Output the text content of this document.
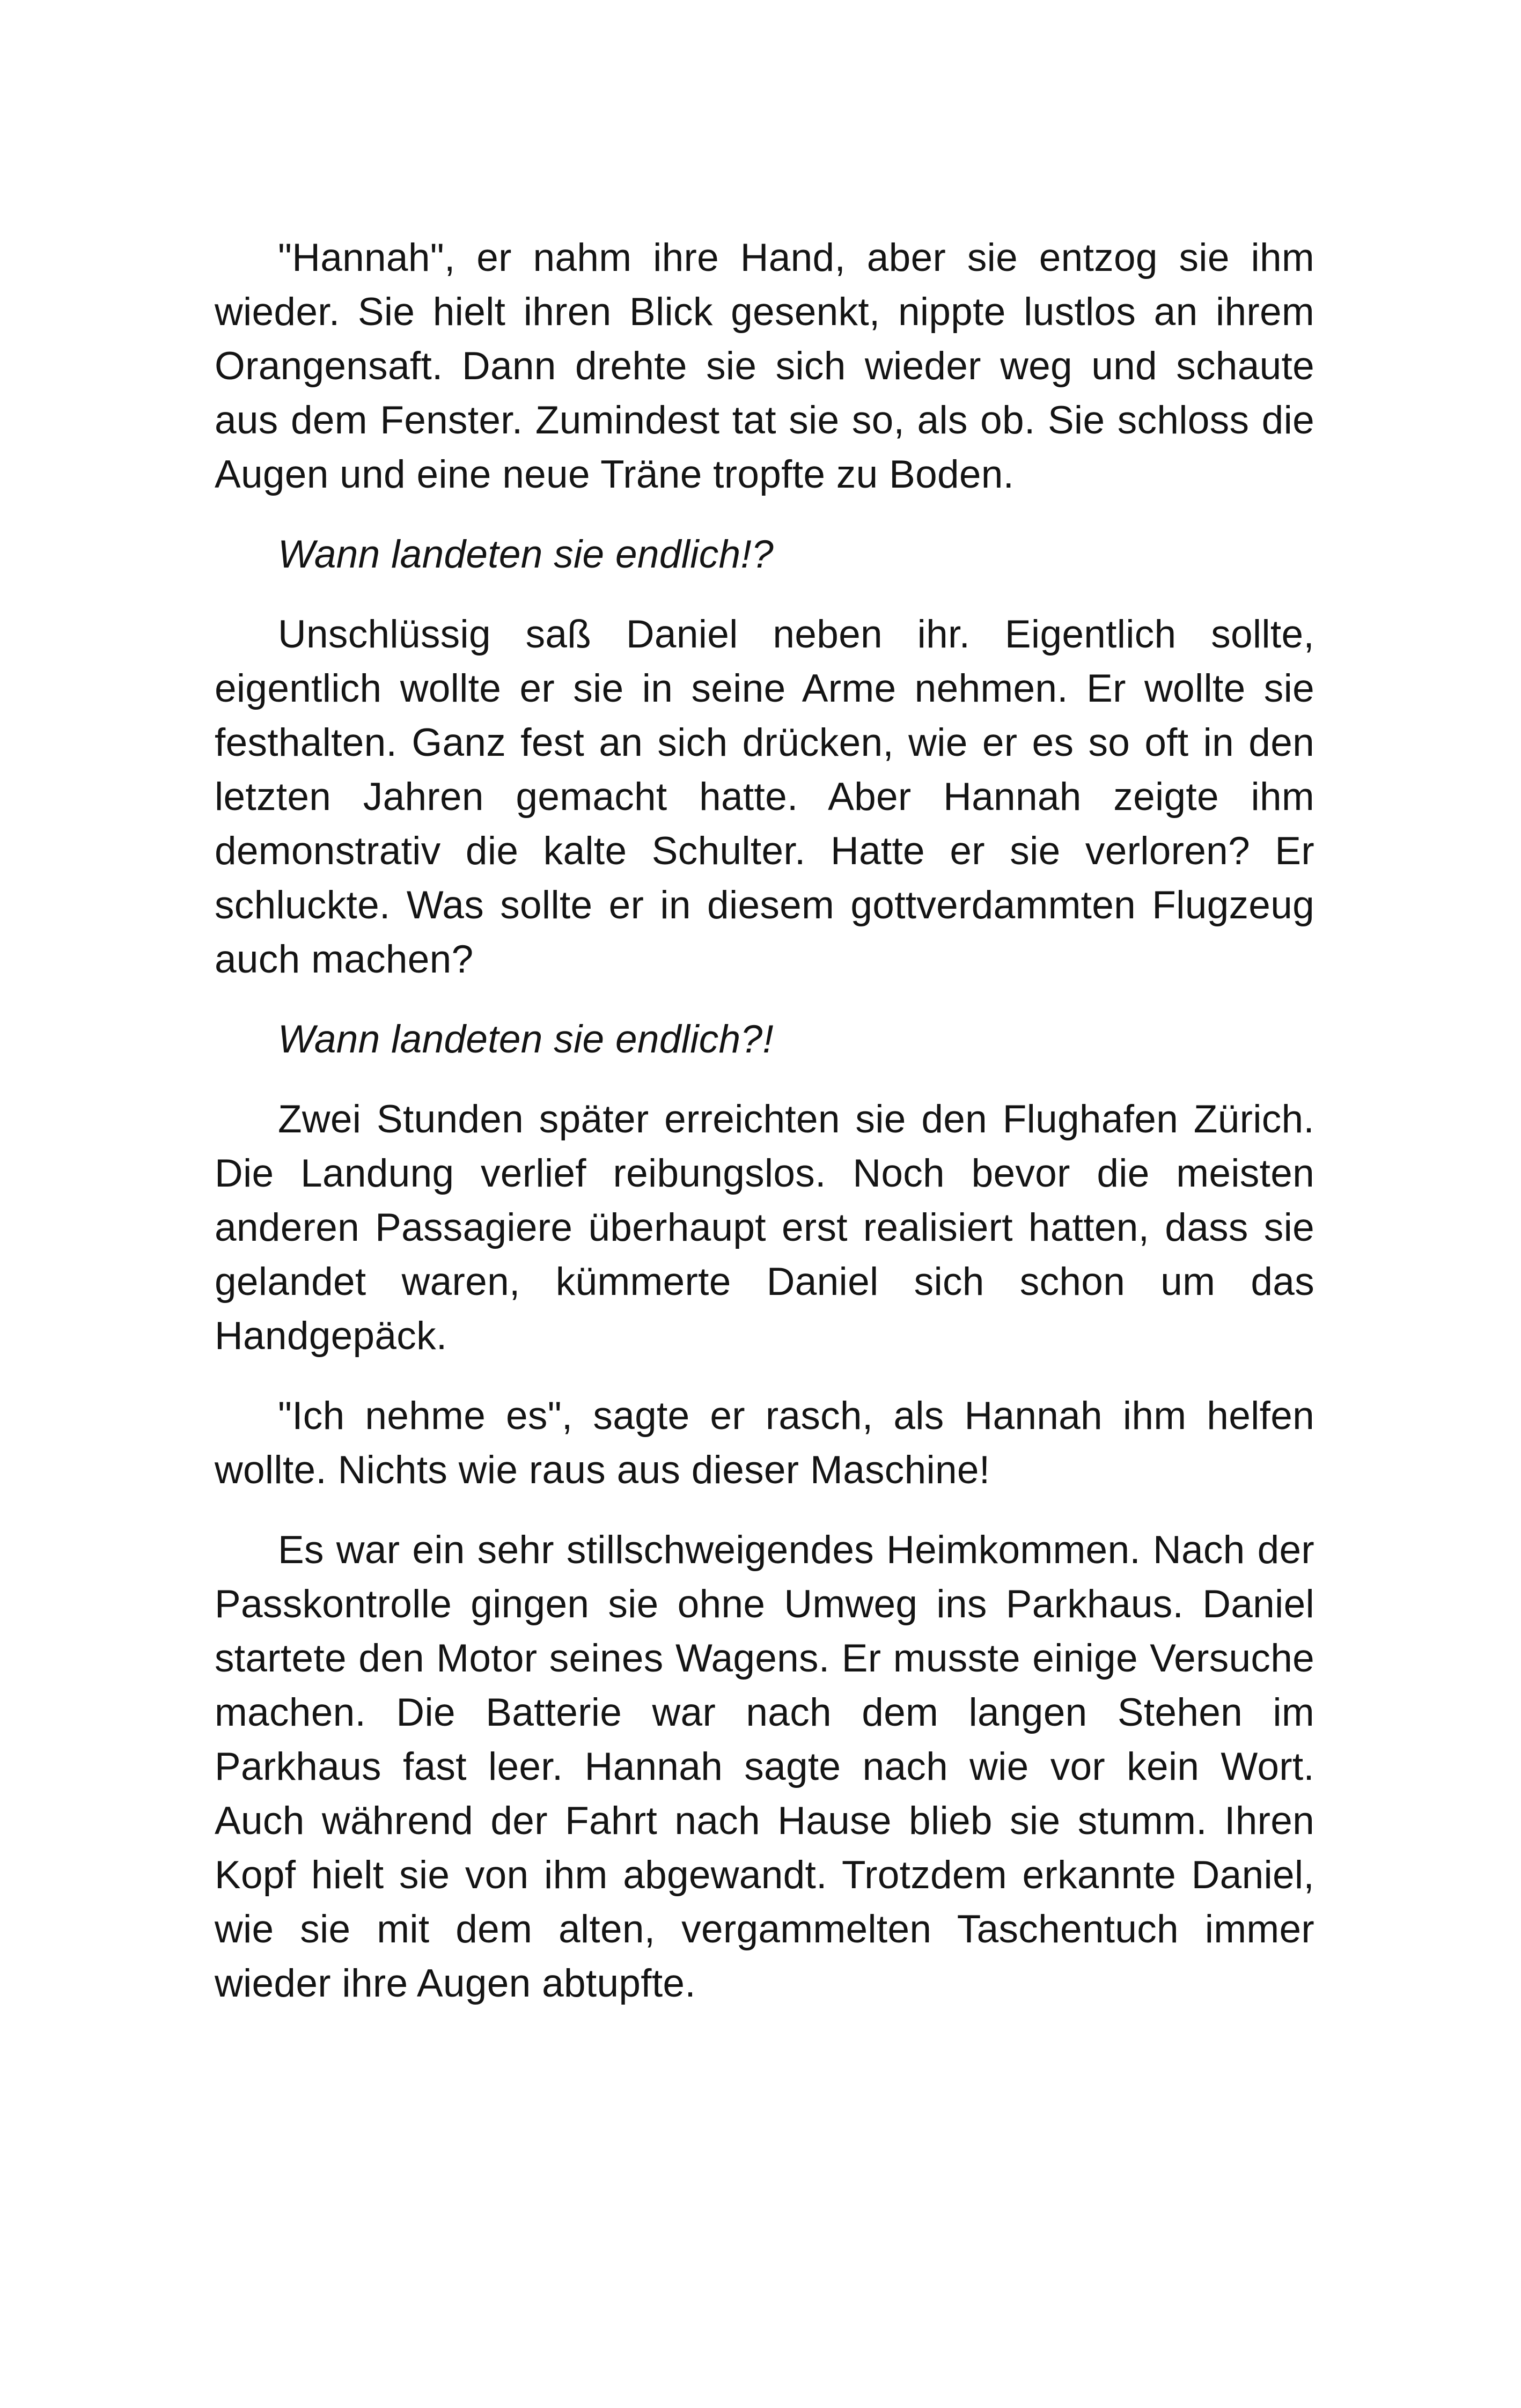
"Hannah", er nahm ihre Hand, aber sie entzog sie ihm wieder. Sie hielt ihren Blick gesenkt, nippte lustlos an ihrem Orangensaft. Dann drehte sie sich wieder weg und schaute aus dem Fenster. Zumindest tat sie so, als ob. Sie schloss die Augen und eine neue Träne tropfte zu Boden.

Wann landeten sie endlich!?

Unschlüssig saß Daniel neben ihr. Eigentlich sollte, eigentlich wollte er sie in seine Arme nehmen. Er wollte sie festhalten. Ganz fest an sich drücken, wie er es so oft in den letzten Jahren gemacht hatte. Aber Hannah zeigte ihm demonstrativ die kalte Schulter. Hatte er sie verloren? Er schluckte. Was sollte er in diesem gottverdammten Flugzeug auch machen?

Wann landeten sie endlich?!

Zwei Stunden später erreichten sie den Flughafen Zürich. Die Landung verlief reibungslos. Noch bevor die meisten anderen Passagiere überhaupt erst realisiert hatten, dass sie gelandet waren, kümmerte Daniel sich schon um das Handgepäck.

"Ich nehme es", sagte er rasch, als Hannah ihm helfen wollte. Nichts wie raus aus dieser Maschine!

Es war ein sehr stillschweigendes Heimkommen. Nach der Passkontrolle gingen sie ohne Umweg ins Parkhaus. Daniel startete den Motor seines Wagens. Er musste einige Versuche machen. Die Batterie war nach dem langen Stehen im Parkhaus fast leer. Hannah sagte nach wie vor kein Wort. Auch während der Fahrt nach Hause blieb sie stumm. Ihren Kopf hielt sie von ihm abgewandt. Trotzdem erkannte Daniel, wie sie mit dem alten, vergammelten Taschentuch immer wieder ihre Augen abtupfte.
